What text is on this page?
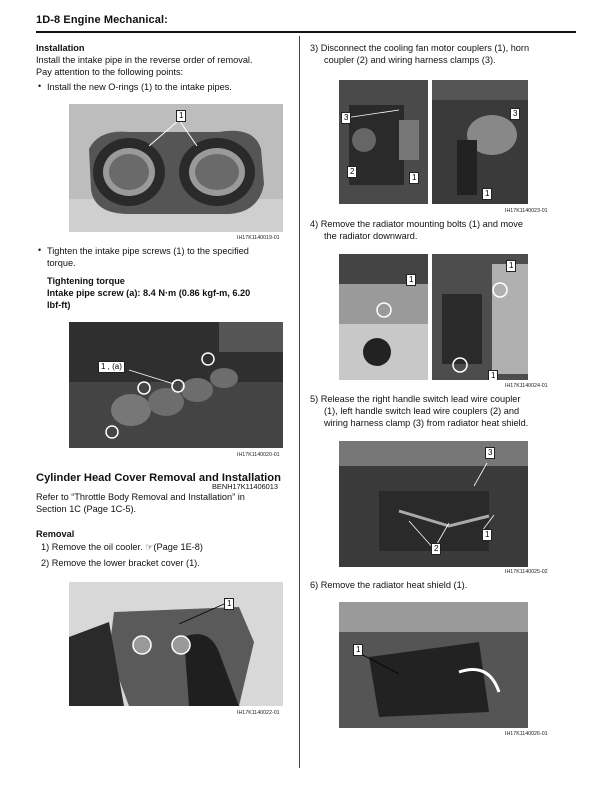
1D-8 Engine Mechanical:
Installation
Install the intake pipe in the reverse order of removal.
Pay attention to the following points:
• Install the new O-rings (1) to the intake pipes.
1
IH17K1140019-01
• Tighten the intake pipe screws (1) to the specified
torque.
Tightening torque
Intake pipe screw (a): 8.4 N·m (0.86 kgf-m, 6.20
lbf-ft)
1 , (a)
IH17K1140020-01
Cylinder Head Cover Removal and Installation
BENH17K11406013
Refer to “Throttle Body Removal and Installation” in
Section 1C (Page 1C-5).
Removal
1) Remove the oil cooler. ☞(Page 1E-8)
2) Remove the lower bracket cover (1).
1
IH17K1140022-01
3) Disconnect the cooling fan motor couplers (1), horn
coupler (2) and wiring harness clamps (3).
3
2
1
3
1
IH17K1140023-01
4) Remove the radiator mounting bolts (1) and move
the radiator downward.
1
1
1
IH17K1140024-01
5) Release the right handle switch lead wire coupler
(1), left handle switch lead wire couplers (2) and
wiring harness clamp (3) from radiator heat shield.
3
1
2
IH17K1140025-02
6) Remove the radiator heat shield (1).
1
IH17K1140026-01
